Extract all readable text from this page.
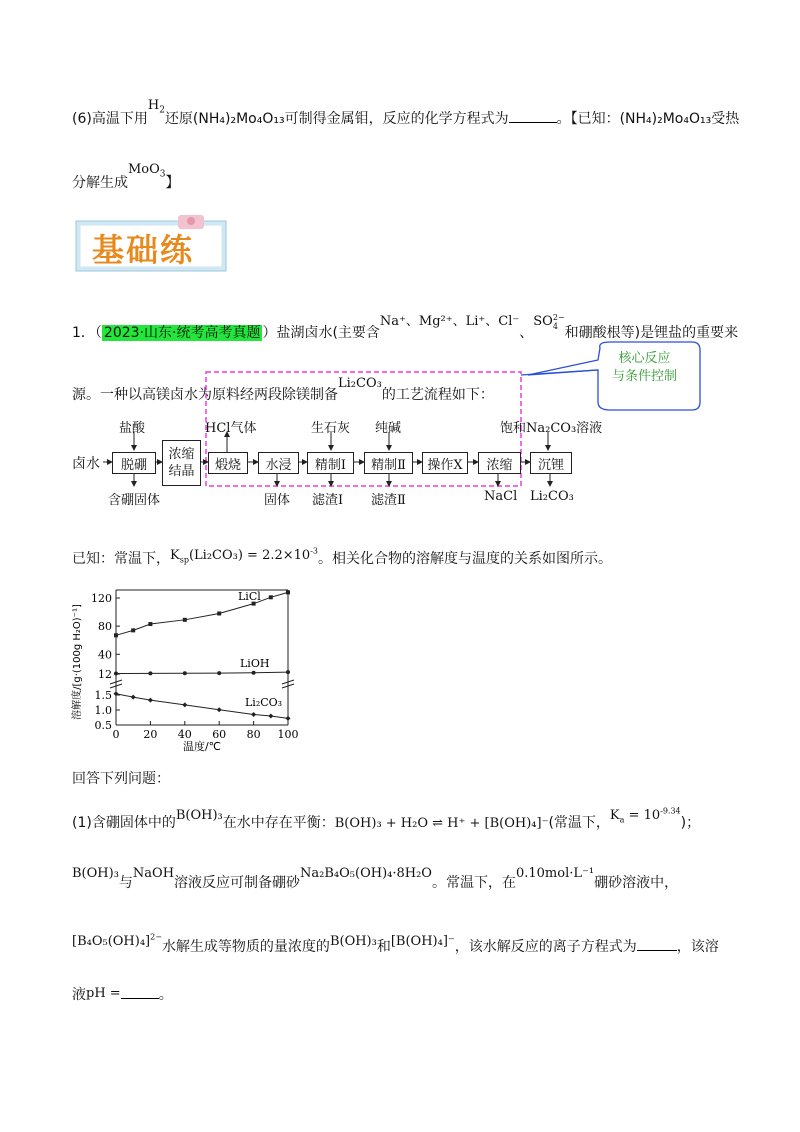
(6)高温下用$H_2$还原(NH₄)₂Mo₄O₁₃可制得金属钼，反应的化学方程式为	。【已知：(NH₄)₂Mo₄O₁₃受热
分解生成MoO$_3$】
基础练
1．（ 2023·山东·统考高考真题 ）盐湖卤水(主要含Na⁺、Mg²⁺、Li⁺、Cl⁻、SO 2−
4 和硼酸根等)是锂盐的重要来
源。一种以高镁卤水为原料经两段除镁制备Li₂CO₃的工艺流程如下：
核心反应
与条件控制
卤水	脱硼
浓缩
结晶	煅烧	水浸	精制Ⅰ	精制Ⅱ	操作X	浓缩	沉锂
盐酸	HCl气体	生石灰 纯碱	饱和Na₂CO₃溶液
含硼固体	固体 滤渣Ⅰ 滤渣Ⅱ	NaCl Li₂CO₃
已知：常温下，$K_{sp}(Li_2CO_3) = 2.2\times 10^{-3}$。相关化合物的溶解度与温度的关系如图所示。
12
40
80
120
0.5
1.0
1.5
0 20 40 60 80 100
温度/℃
溶解度/[g·(100g H₂O)⁻¹]
LiCl
LiOH
Li₂CO₃
回答下列问题：
(1)含硼固体中的B(OH)₃在水中存在平衡：B(OH)₃ + H₂O ⇌ H⁺ + [B(OH)₄]⁻(常温下，$K_a = 10^{-9.34}$)；
B(OH)₃与NaOH溶液反应可制备硼砂Na₂B₄O₅(OH)₄·8H₂O。常温下，在0.10mol·L⁻¹硼砂溶液中，
$[B_4O_5(OH)_4]^{2-}$水解生成等物质的量浓度的B(OH)₃和[B(OH)₄]⁻，该水解反应的离子方程式为	，该溶
液pH =	。
